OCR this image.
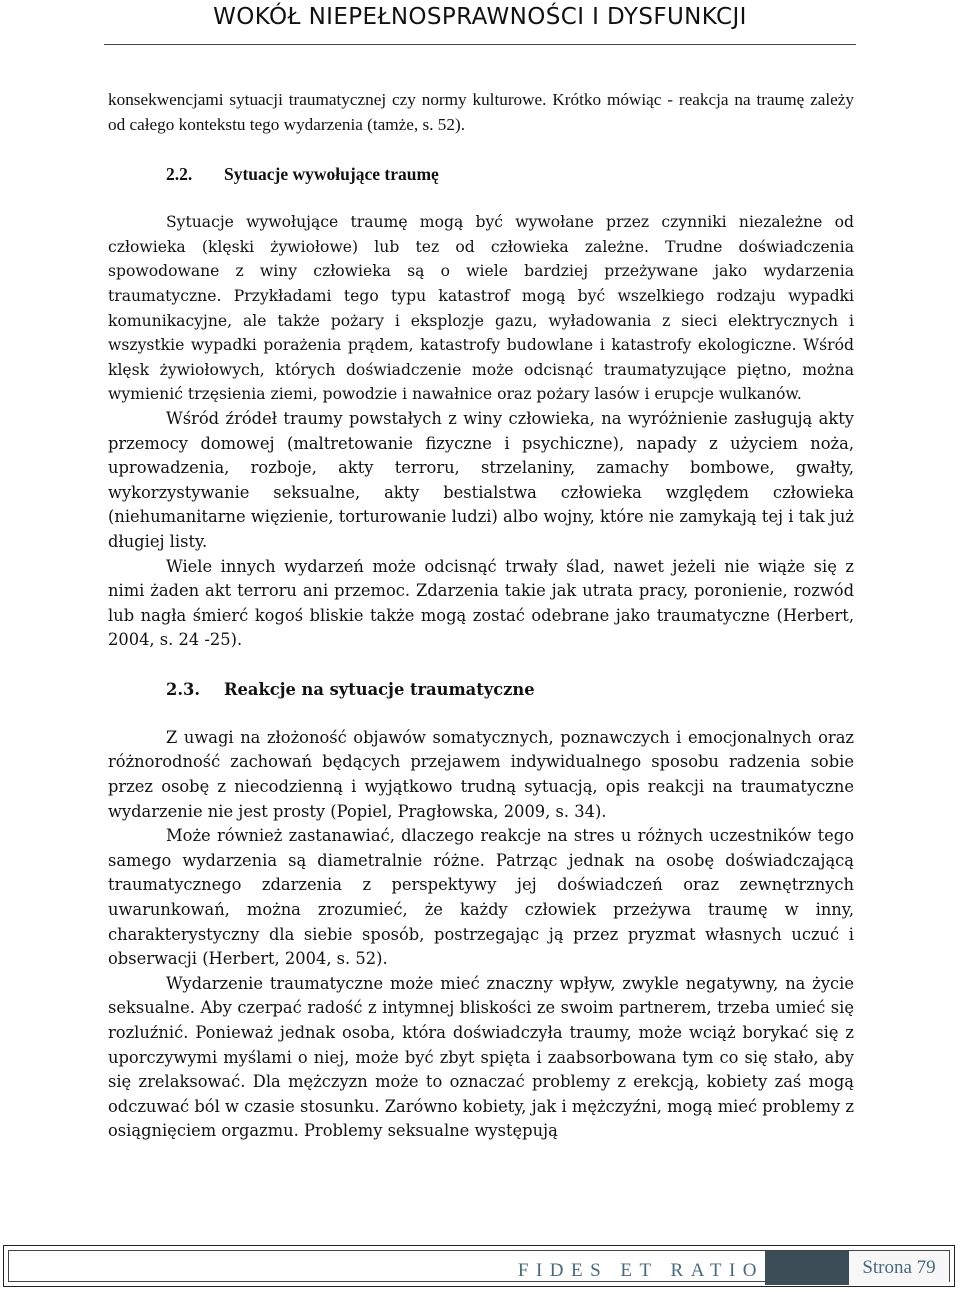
WOKÓŁ NIEPEŁNOSPRAWNOŚCI I DYSFUNKCJI

konsekwencjami sytuacji traumatycznej czy normy kulturowe. Krótko mówiąc - reakcja na traumę zależy od całego kontekstu tego wydarzenia (tamże, s. 52).

2.2.	Sytuacje wywołujące traumę

Sytuacje wywołujące traumę mogą być wywołane przez czynniki niezależne od człowieka (klęski żywiołowe) lub tez od człowieka zależne. Trudne doświadczenia spowodowane z winy człowieka są o wiele bardziej przeżywane jako wydarzenia traumatyczne. Przykładami tego typu katastrof mogą być wszelkiego rodzaju wypadki komunikacyjne, ale także pożary i eksplozje gazu, wyładowania z sieci elektrycznych i wszystkie wypadki porażenia prądem, katastrofy budowlane i katastrofy ekologiczne. Wśród klęsk żywiołowych, których doświadczenie może odcisnąć traumatyzujące piętno, można wymienić trzęsienia ziemi, powodzie i nawałnice oraz pożary lasów i erupcje wulkanów.

Wśród źródeł traumy powstałych z winy człowieka, na wyróżnienie zasługują akty przemocy domowej (maltretowanie fizyczne i psychiczne), napady z użyciem noża, uprowadzenia, rozboje, akty terroru, strzelaniny, zamachy bombowe, gwałty, wykorzystywanie seksualne, akty bestialstwa człowieka względem człowieka (niehumanitarne więzienie, torturowanie ludzi) albo wojny, które nie zamykają tej i tak już długiej listy.

Wiele innych wydarzeń może odcisnąć trwały ślad, nawet jeżeli nie wiąże się z nimi żaden akt terroru ani przemoc. Zdarzenia takie jak utrata pracy, poronienie, rozwód lub nagła śmierć kogoś bliskie także mogą zostać odebrane jako traumatyczne (Herbert, 2004, s. 24 -25).

2.3.	Reakcje na sytuacje traumatyczne

Z uwagi na złożoność objawów somatycznych, poznawczych i emocjonalnych oraz różnorodność zachowań będących przejawem indywidualnego sposobu radzenia sobie przez osobę z niecodzienną i wyjątkowo trudną sytuacją, opis reakcji na traumatyczne wydarzenie nie jest prosty (Popiel, Pragłowska, 2009, s. 34).

Może również zastanawiać, dlaczego reakcje na stres u różnych uczestników tego samego wydarzenia są diametralnie różne. Patrząc jednak na osobę doświadczającą traumatycznego zdarzenia z perspektywy jej doświadczeń oraz zewnętrznych uwarunkowań, można zrozumieć, że każdy człowiek przeżywa traumę w inny, charakterystyczny dla siebie sposób, postrzegając ją przez pryzmat własnych uczuć i obserwacji (Herbert, 2004, s. 52).

Wydarzenie traumatyczne może mieć znaczny wpływ, zwykle negatywny, na życie seksualne. Aby czerpać radość z intymnej bliskości ze swoim partnerem, trzeba umieć się rozluźnić. Ponieważ jednak osoba, która doświadczyła traumy, może wciąż borykać się z uporczywymi myślami o niej, może być zbyt spięta i zaabsorbowana tym co się stało, aby się zrelaksować. Dla mężczyzn może to oznaczać problemy z erekcją, kobiety zaś mogą odczuwać ból w czasie stosunku. Zarówno kobiety, jak i mężczyźni, mogą mieć problemy z osiągnięciem orgazmu. Problemy seksualne występują

FIDES ET RATIO	Strona 79
